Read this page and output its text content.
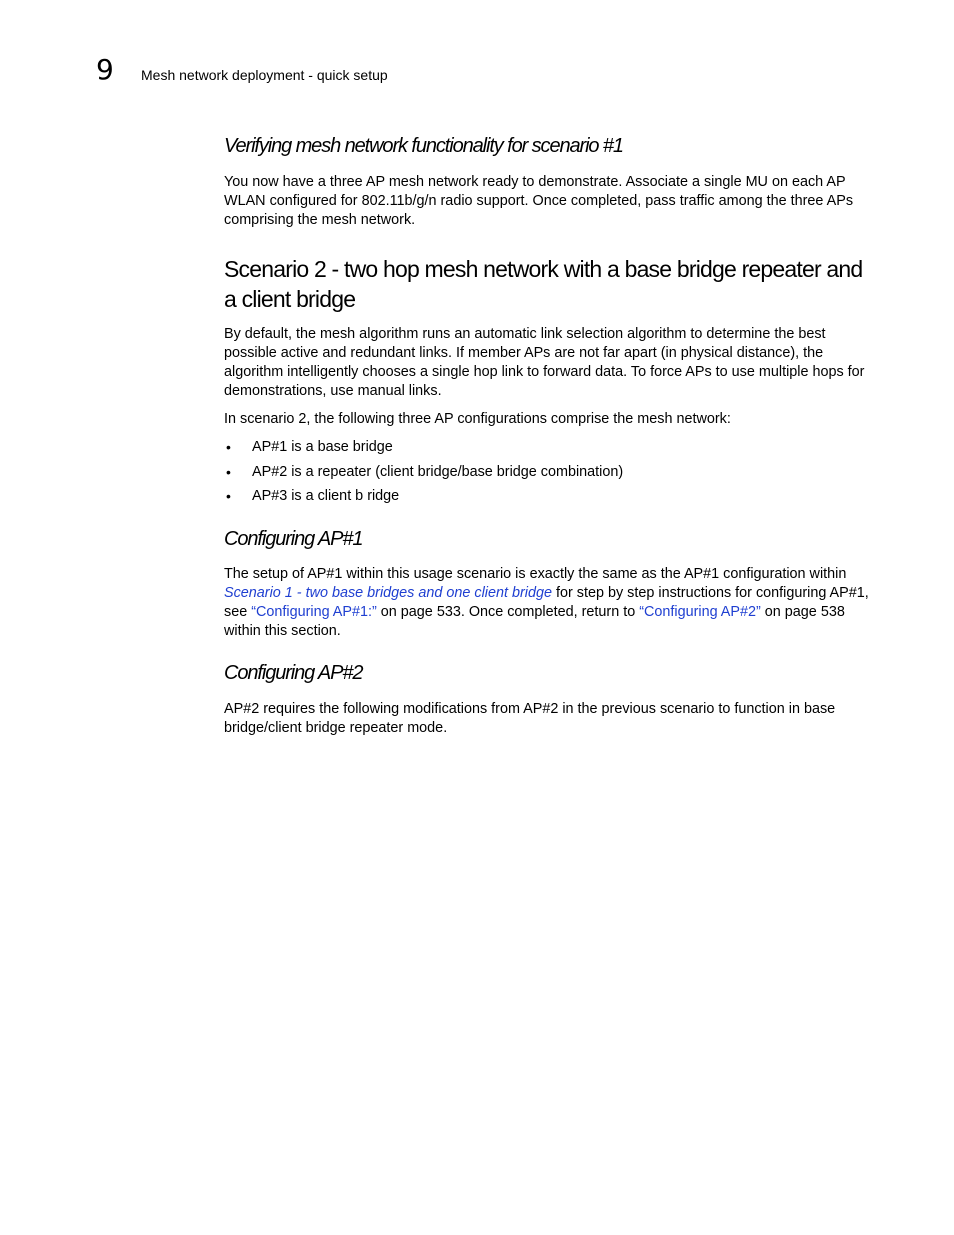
9 Mesh network deployment - quick setup
Verifying mesh network functionality for scenario #1
You now have a three AP mesh network ready to demonstrate. Associate a single MU on each AP WLAN configured for 802.11b/g/n radio support. Once completed, pass traffic among the three APs comprising the mesh network.
Scenario 2 - two hop mesh network with a base bridge repeater and a client bridge
By default, the mesh algorithm runs an automatic link selection algorithm to determine the best possible active and redundant links. If member APs are not far apart (in physical distance), the algorithm intelligently chooses a single hop link to forward data. To force APs to use multiple hops for demonstrations, use manual links.
In scenario 2, the following three AP configurations comprise the mesh network:
• AP#1 is a base bridge
• AP#2 is a repeater (client bridge/base bridge combination)
• AP#3 is a client b ridge
Configuring AP#1
The setup of AP#1 within this usage scenario is exactly the same as the AP#1 configuration within Scenario 1 - two base bridges and one client bridge for step by step instructions for configuring AP#1, see “Configuring AP#1:” on page 533. Once completed, return to “Configuring AP#2” on page 538 within this section.
Configuring AP#2
AP#2 requires the following modifications from AP#2 in the previous scenario to function in base bridge/client bridge repeater mode.
